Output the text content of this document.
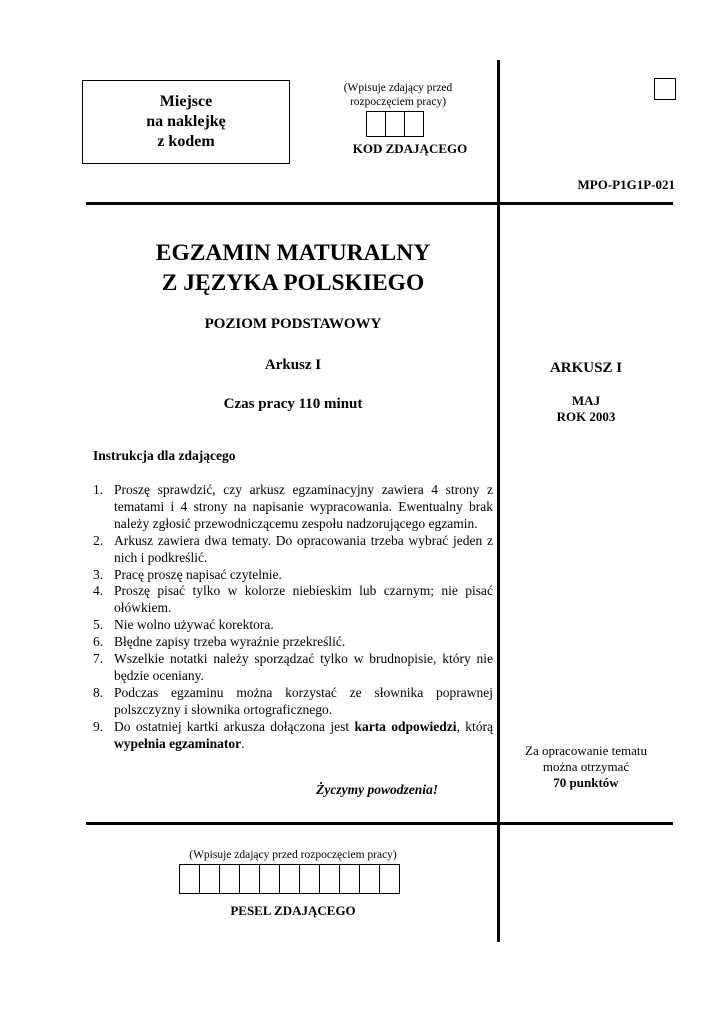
Miejsce
na naklejkę
z kodem
(Wpisuje zdający przed
rozpoczęciem pracy)
KOD ZDAJĄCEGO
MPO-P1G1P-021
EGZAMIN MATURALNY
Z JĘZYKA POLSKIEGO
POZIOM PODSTAWOWY
Arkusz I
Czas pracy 110 minut
ARKUSZ I
MAJ
ROK 2003
Za opracowanie tematu
można otrzymać
70 punktów
Instrukcja dla zdającego
1. Proszę sprawdzić, czy arkusz egzaminacyjny zawiera 4 strony z tematami i 4 strony na napisanie wypracowania. Ewentualny brak należy zgłosić przewodniczącemu zespołu nadzorującego egzamin.
2. Arkusz zawiera dwa tematy. Do opracowania trzeba wybrać jeden z nich i podkreślić.
3. Pracę proszę napisać czytelnie.
4. Proszę pisać tylko w kolorze niebieskim lub czarnym; nie pisać ołówkiem.
5. Nie wolno używać korektora.
6. Błędne zapisy trzeba wyraźnie przekreślić.
7. Wszelkie notatki należy sporządzać tylko w brudnopisie, który nie będzie oceniany.
8. Podczas egzaminu można korzystać ze słownika poprawnej polszczyzny i słownika ortograficznego.
9. Do ostatniej kartki arkusza dołączona jest karta odpowiedzi, którą wypełnia egzaminator.
Życzymy powodzenia!
(Wpisuje zdający przed rozpoczęciem pracy)
PESEL ZDAJĄCEGO
